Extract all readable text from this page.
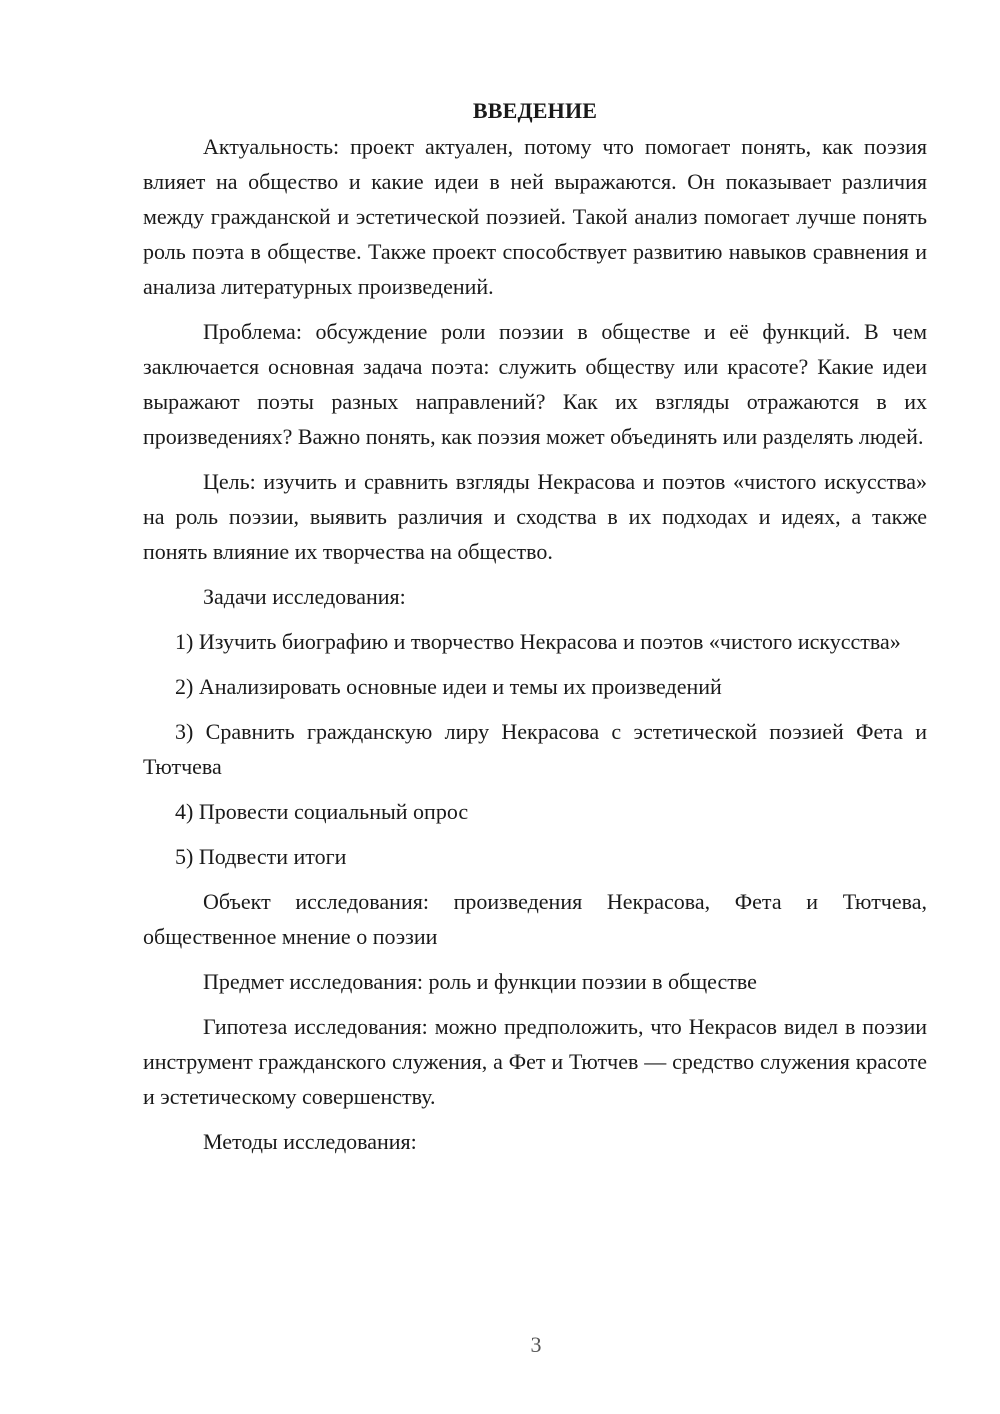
ВВЕДЕНИЕ

Актуальность: проект актуален, потому что помогает понять, как поэзия влияет на общество и какие идеи в ней выражаются. Он показывает различия между гражданской и эстетической поэзией. Такой анализ помогает лучше понять роль поэта в обществе. Также проект способствует развитию навыков сравнения и анализа литературных произведений.

Проблема: обсуждение роли поэзии в обществе и её функций. В чем заключается основная задача поэта: служить обществу или красоте? Какие идеи выражают поэты разных направлений? Как их взгляды отражаются в их произведениях? Важно понять, как поэзия может объединять или разделять людей.

Цель: изучить и сравнить взгляды Некрасова и поэтов «чистого искусства» на роль поэзии, выявить различия и сходства в их подходах и идеях, а также понять влияние их творчества на общество.

Задачи исследования:

1) Изучить биографию и творчество Некрасова и поэтов «чистого искусства»

2) Анализировать основные идеи и темы их произведений

3) Сравнить гражданскую лиру Некрасова с эстетической поэзией Фета и Тютчева

4) Провести социальный опрос

5) Подвести итоги

Объект исследования: произведения Некрасова, Фета и Тютчева, общественное мнение о поэзии

Предмет исследования: роль и функции поэзии в обществе

Гипотеза исследования: можно предположить, что Некрасов видел в поэзии инструмент гражданского служения, а Фет и Тютчев — средство служения красоте и эстетическому совершенству.

Методы исследования:

3
